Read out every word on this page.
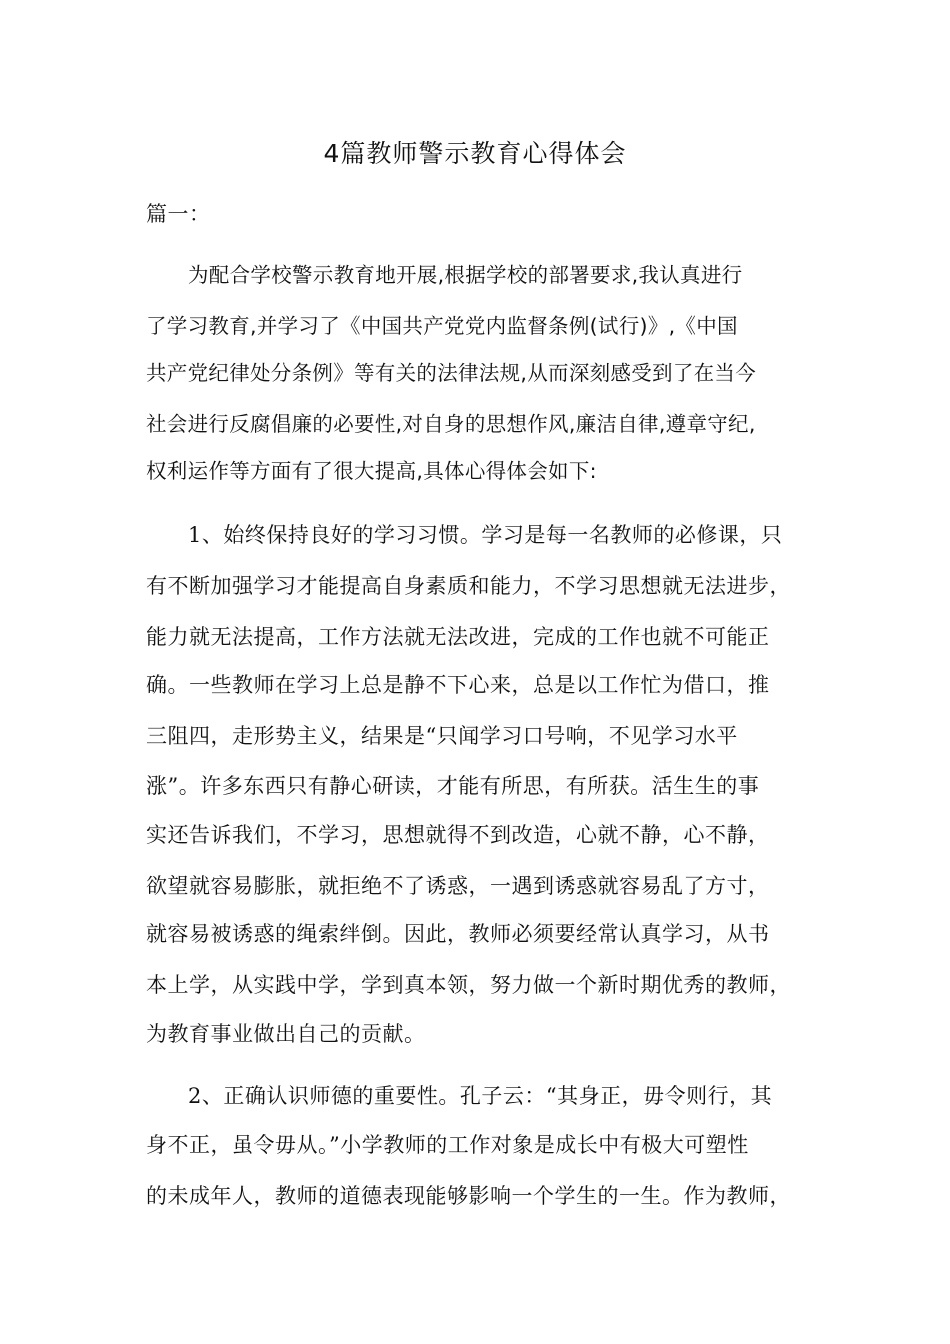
4篇教师警示教育心得体会
篇一：
为配合学校警示教育地开展,根据学校的部署要求,我认真进行
了学习教育,并学习了《中国共产党党内监督条例(试行)》,《中国
共产党纪律处分条例》等有关的法律法规,从而深刻感受到了在当今
社会进行反腐倡廉的必要性,对自身的思想作风,廉洁自律,遵章守纪,
权利运作等方面有了很大提高,具体心得体会如下:
1、始终保持良好的学习习惯。学习是每一名教师的必修课，只
有不断加强学习才能提高自身素质和能力，不学习思想就无法进步，
能力就无法提高，工作方法就无法改进，完成的工作也就不可能正
确。一些教师在学习上总是静不下心来，总是以工作忙为借口，推
三阻四，走形势主义，结果是“只闻学习口号响，不见学习水平
涨”。许多东西只有静心研读，才能有所思，有所获。活生生的事
实还告诉我们，不学习，思想就得不到改造，心就不静，心不静，
欲望就容易膨胀，就拒绝不了诱惑，一遇到诱惑就容易乱了方寸，
就容易被诱惑的绳索绊倒。因此，教师必须要经常认真学习，从书
本上学，从实践中学，学到真本领，努力做一个新时期优秀的教师，
为教育事业做出自己的贡献。
2、正确认识师德的重要性。孔子云：“其身正，毋令则行，其
身不正，虽令毋从。”小学教师的工作对象是成长中有极大可塑性
的未成年人，教师的道德表现能够影响一个学生的一生。作为教师，
